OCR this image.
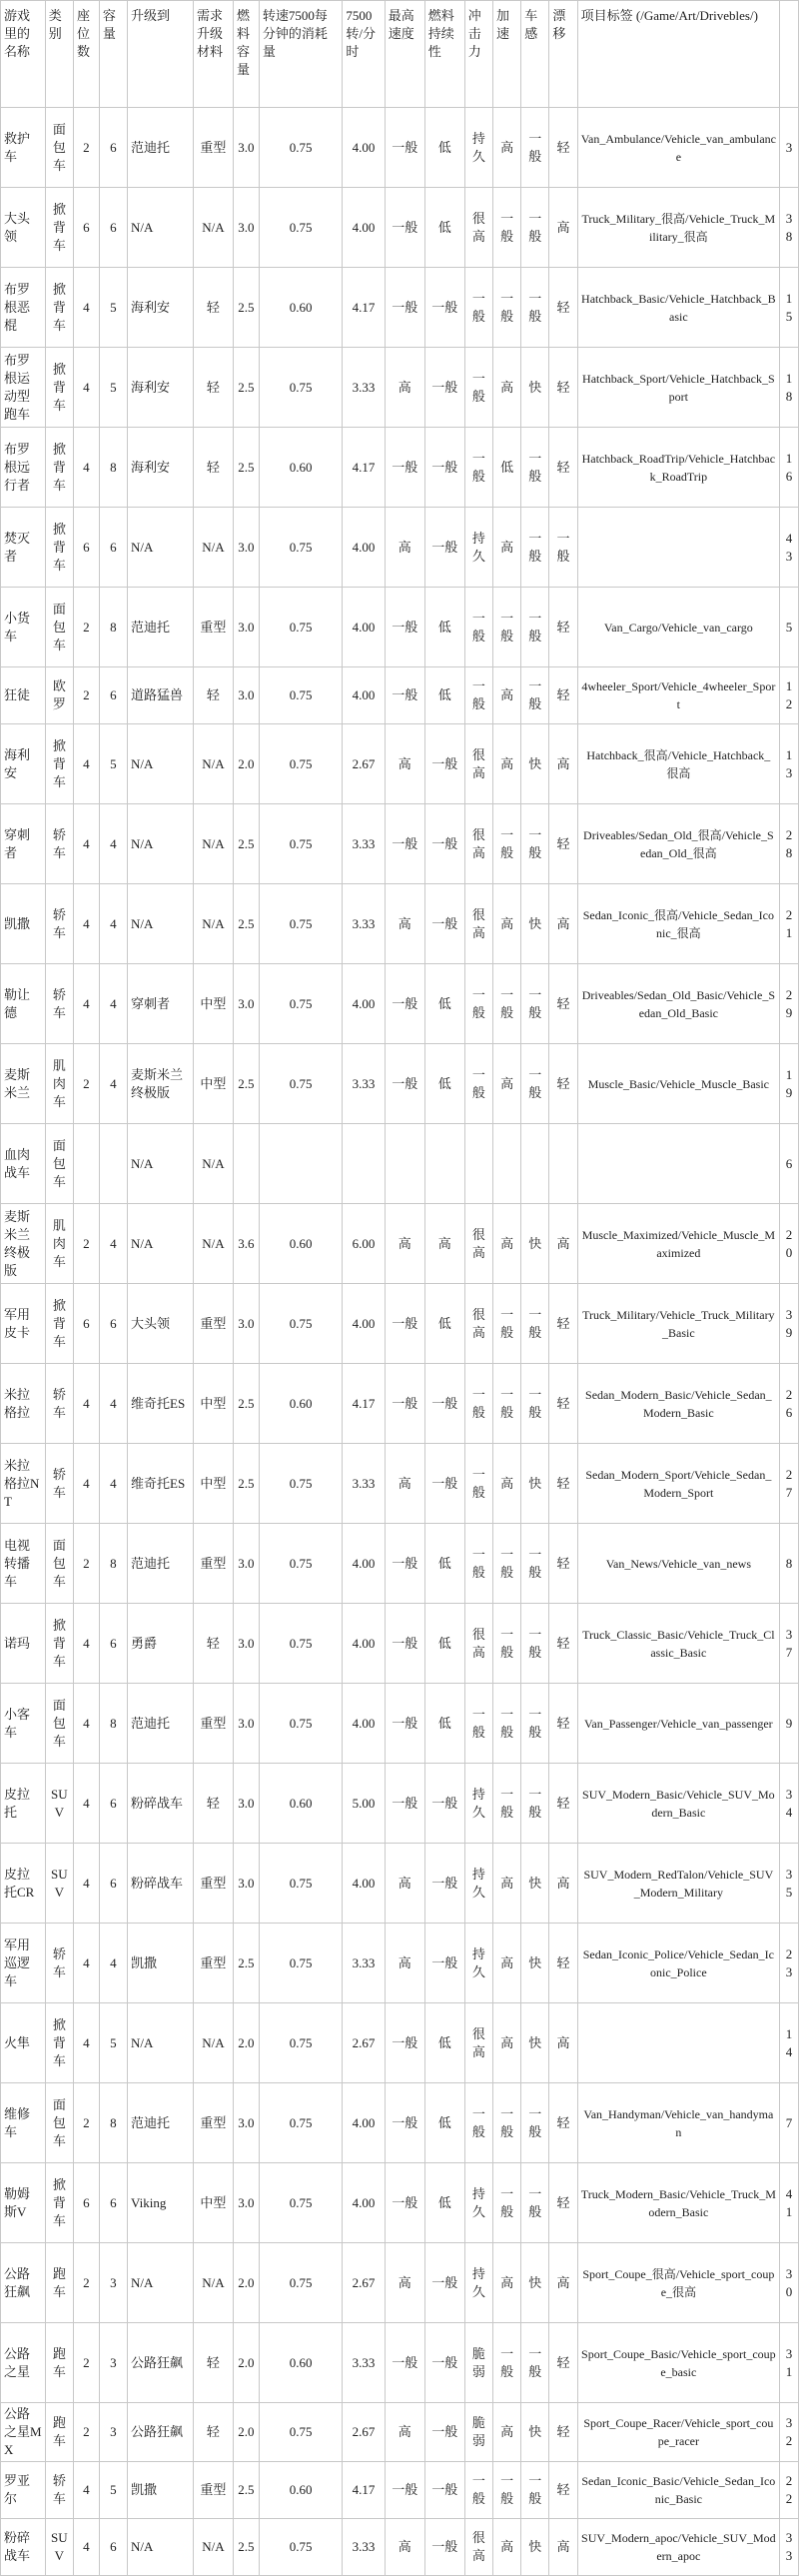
游戏里的名称	类别	座位数	容量	升级到	需求升级材料	燃料容量	转速7500每分钟的消耗量	7500转/分时	最高速度	燃料持续性	冲击力	加速	车感	漂移	项目标签 (/Game/Art/Drivebles/)	
救护车	面包车	2	6	范迪托	重型	3.0	0.75	4.00	一般	低	持久	高	一般	轻	Van_Ambulance/Vehicle_van_ambulance	3
大头领	掀背车	6	6	N/A	N/A	3.0	0.75	4.00	一般	低	很高	一般	一般	高	Truck_Military_很高/Vehicle_Truck_Military_很高	38
布罗根恶棍	掀背车	4	5	海利安	轻	2.5	0.60	4.17	一般	一般	一般	一般	一般	轻	Hatchback_Basic/Vehicle_Hatchback_Basic	15
布罗根运动型跑车	掀背车	4	5	海利安	轻	2.5	0.75	3.33	高	一般	一般	高	快	轻	Hatchback_Sport/Vehicle_Hatchback_Sport	18
布罗根远行者	掀背车	4	8	海利安	轻	2.5	0.60	4.17	一般	一般	一般	低	一般	轻	Hatchback_RoadTrip/Vehicle_Hatchback_RoadTrip	16
焚灭者	掀背车	6	6	N/A	N/A	3.0	0.75	4.00	高	一般	持久	高	一般	一般		43
小货车	面包车	2	8	范迪托	重型	3.0	0.75	4.00	一般	低	一般	一般	一般	轻	Van_Cargo/Vehicle_van_cargo	5
狂徒	欧罗	2	6	道路猛兽	轻	3.0	0.75	4.00	一般	低	一般	高	一般	轻	4wheeler_Sport/Vehicle_4wheeler_Sport	12
海利安	掀背车	4	5	N/A	N/A	2.0	0.75	2.67	高	一般	很高	高	快	高	Hatchback_很高/Vehicle_Hatchback_很高	13
穿刺者	轿车	4	4	N/A	N/A	2.5	0.75	3.33	一般	一般	很高	一般	一般	轻	Driveables/Sedan_Old_很高/Vehicle_Sedan_Old_很高	28
凯撒	轿车	4	4	N/A	N/A	2.5	0.75	3.33	高	一般	很高	高	快	高	Sedan_Iconic_很高/Vehicle_Sedan_Iconic_很高	21
勒让德	轿车	4	4	穿刺者	中型	3.0	0.75	4.00	一般	低	一般	一般	一般	轻	Driveables/Sedan_Old_Basic/Vehicle_Sedan_Old_Basic	29
麦斯米兰	肌肉车	2	4	麦斯米兰终极版	中型	2.5	0.75	3.33	一般	低	一般	高	一般	轻	Muscle_Basic/Vehicle_Muscle_Basic	19
血肉战车	面包车			N/A	N/A											6
麦斯米兰终极版	肌肉车	2	4	N/A	N/A	3.6	0.60	6.00	高	高	很高	高	快	高	Muscle_Maximized/Vehicle_Muscle_Maximized	20
军用皮卡	掀背车	6	6	大头领	重型	3.0	0.75	4.00	一般	低	很高	一般	一般	轻	Truck_Military/Vehicle_Truck_Military_Basic	39
米拉格拉	轿车	4	4	维奇托ES	中型	2.5	0.60	4.17	一般	一般	一般	一般	一般	轻	Sedan_Modern_Basic/Vehicle_Sedan_Modern_Basic	26
米拉格拉NT	轿车	4	4	维奇托ES	中型	2.5	0.75	3.33	高	一般	一般	高	快	轻	Sedan_Modern_Sport/Vehicle_Sedan_Modern_Sport	27
电视转播车	面包车	2	8	范迪托	重型	3.0	0.75	4.00	一般	低	一般	一般	一般	轻	Van_News/Vehicle_van_news	8
诺玛	掀背车	4	6	勇爵	轻	3.0	0.75	4.00	一般	低	很高	一般	一般	轻	Truck_Classic_Basic/Vehicle_Truck_Classic_Basic	37
小客车	面包车	4	8	范迪托	重型	3.0	0.75	4.00	一般	低	一般	一般	一般	轻	Van_Passenger/Vehicle_van_passenger	9
皮拉托	SUV	4	6	粉碎战车	轻	3.0	0.60	5.00	一般	一般	持久	一般	一般	轻	SUV_Modern_Basic/Vehicle_SUV_Modern_Basic	34
皮拉托CR	SUV	4	6	粉碎战车	重型	3.0	0.75	4.00	高	一般	持久	高	快	高	SUV_Modern_RedTalon/Vehicle_SUV_Modern_Military	35
军用巡逻车	轿车	4	4	凯撒	重型	2.5	0.75	3.33	高	一般	持久	高	快	轻	Sedan_Iconic_Police/Vehicle_Sedan_Iconic_Police	23
火隼	掀背车	4	5	N/A	N/A	2.0	0.75	2.67	一般	低	很高	高	快	高		14
维修车	面包车	2	8	范迪托	重型	3.0	0.75	4.00	一般	低	一般	一般	一般	轻	Van_Handyman/Vehicle_van_handyman	7
勒姆斯V	掀背车	6	6	Viking	中型	3.0	0.75	4.00	一般	低	持久	一般	一般	轻	Truck_Modern_Basic/Vehicle_Truck_Modern_Basic	41
公路狂飙	跑车	2	3	N/A	N/A	2.0	0.75	2.67	高	一般	持久	高	快	高	Sport_Coupe_很高/Vehicle_sport_coupe_很高	30
公路之星	跑车	2	3	公路狂飙	轻	2.0	0.60	3.33	一般	一般	脆弱	一般	一般	轻	Sport_Coupe_Basic/Vehicle_sport_coupe_basic	31
公路之星MX	跑车	2	3	公路狂飙	轻	2.0	0.75	2.67	高	一般	脆弱	高	快	轻	Sport_Coupe_Racer/Vehicle_sport_coupe_racer	32
罗亚尔	轿车	4	5	凯撒	重型	2.5	0.60	4.17	一般	一般	一般	一般	一般	轻	Sedan_Iconic_Basic/Vehicle_Sedan_Iconic_Basic	22
粉碎战车	SUV	4	6	N/A	N/A	2.5	0.75	3.33	高	一般	很高	高	快	高	SUV_Modern_apoc/Vehicle_SUV_Modern_apoc	33
